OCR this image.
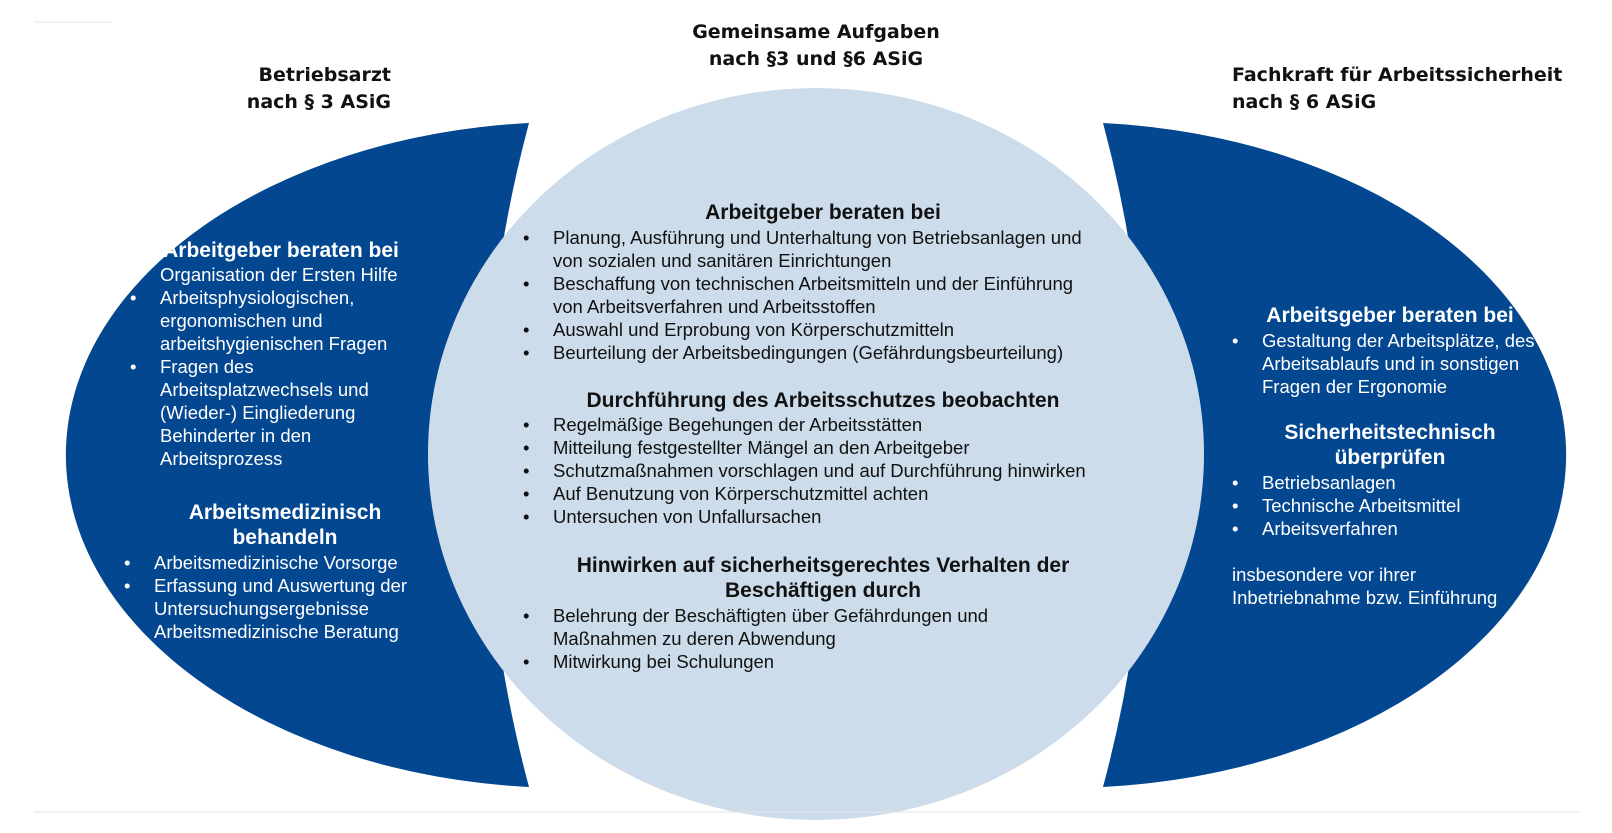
Betriebsarzt
nach § 3 ASiG
Gemeinsame Aufgaben
nach §3 und §6 ASiG
Fachkraft für Arbeitssicherheit
nach § 6 ASiG
Arbeitgeber beraten bei
• Organisation der Ersten Hilfe
• Arbeitsphysiologischen, ergonomischen und arbeitshygienischen Fragen
• Fragen des Arbeitsplatzwechsels und (Wieder-) Eingliederung Behinderter in den Arbeitsprozess
Arbeitsmedizinisch behandeln
• Arbeitsmedizinische Vorsorge
• Erfassung und Auswertung der Untersuchungsergebnisse
• Arbeitsmedizinische Beratung
Arbeitgeber beraten bei
• Planung, Ausführung und Unterhaltung von Betriebsanlagen und von sozialen und sanitären Einrichtungen
• Beschaffung von technischen Arbeitsmitteln und der Einführung von Arbeitsverfahren und Arbeitsstoffen
• Auswahl und Erprobung von Körperschutzmitteln
• Beurteilung der Arbeitsbedingungen (Gefährdungsbeurteilung)
Durchführung des Arbeitsschutzes beobachten
• Regelmäßige Begehungen der Arbeitsstätten
• Mitteilung festgestellter Mängel an den Arbeitgeber
• Schutzmaßnahmen vorschlagen und auf Durchführung hinwirken
• Auf Benutzung von Körperschutzmittel achten
• Untersuchen von Unfallursachen
Hinwirken auf sicherheitsgerechtes Verhalten der Beschäftigen durch
• Belehrung der Beschäftigten über Gefährdungen und Maßnahmen zu deren Abwendung
• Mitwirkung bei Schulungen
Arbeitsgeber beraten bei
• Gestaltung der Arbeitsplätze, des Arbeitsablaufs und in sonstigen Fragen der Ergonomie
Sicherheitstechnisch überprüfen
• Betriebsanlagen
• Technische Arbeitsmittel
• Arbeitsverfahren
insbesondere vor ihrer Inbetriebnahme bzw. Einführung
